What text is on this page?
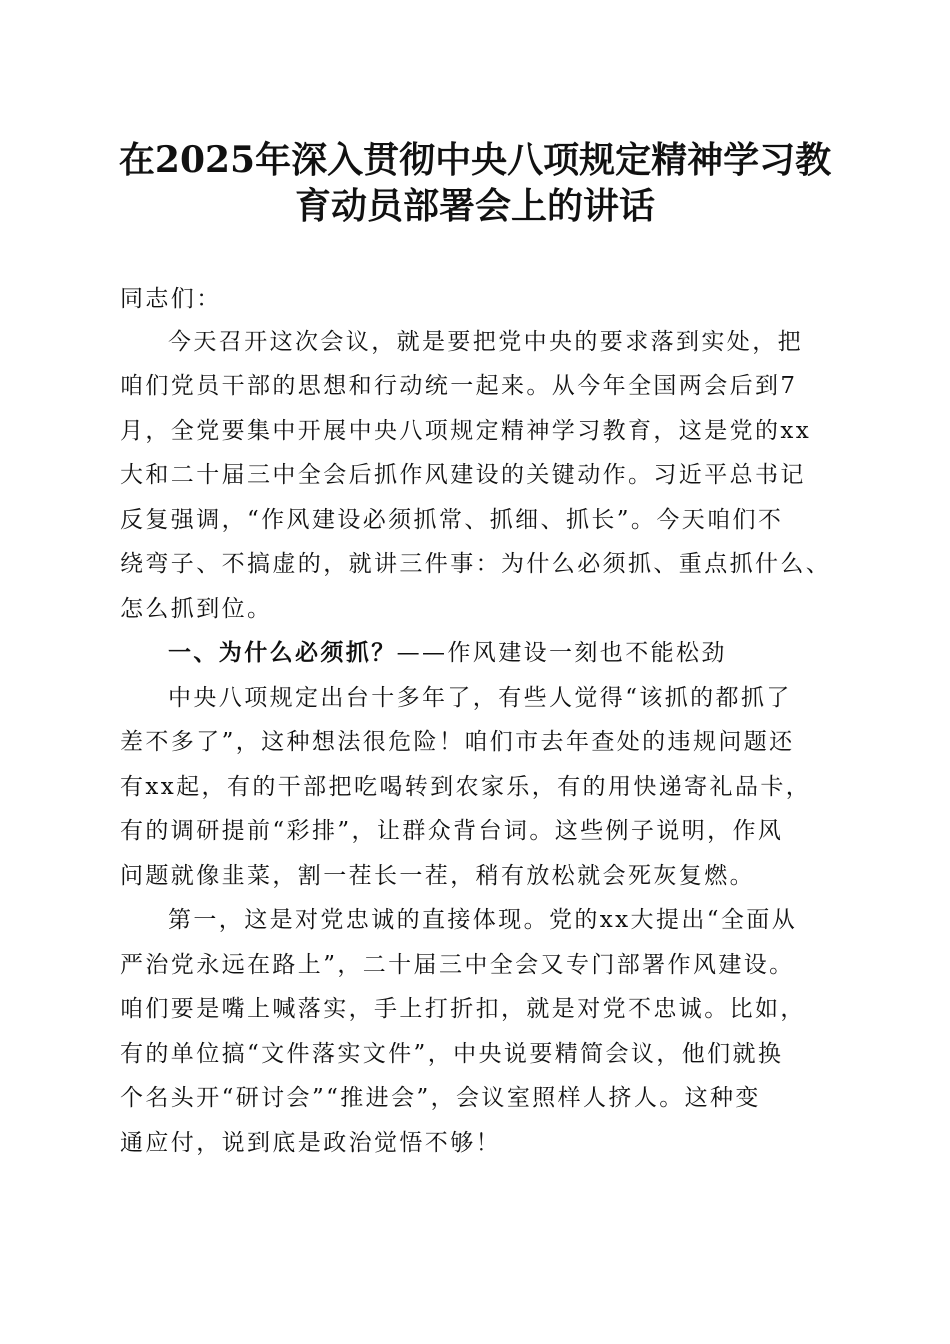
在2025年深入贯彻中央八项规定精神学习教
育动员部署会上的讲话
同志们：
今天召开这次会议，就是要把党中央的要求落到实处，把
咱们党员干部的思想和行动统一起来。从今年全国两会后到7
月，全党要集中开展中央八项规定精神学习教育，这是党的xx
大和二十届三中全会后抓作风建设的关键动作。习近平总书记
反复强调，“作风建设必须抓常、抓细、抓长”。今天咱们不
绕弯子、不搞虚的，就讲三件事：为什么必须抓、重点抓什么、
怎么抓到位。
一、为什么必须抓？——作风建设一刻也不能松劲
中央八项规定出台十多年了，有些人觉得“该抓的都抓了
差不多了”，这种想法很危险！咱们市去年查处的违规问题还
有xx起，有的干部把吃喝转到农家乐，有的用快递寄礼品卡，
有的调研提前“彩排”，让群众背台词。这些例子说明，作风
问题就像韭菜，割一茬长一茬，稍有放松就会死灰复燃。
第一，这是对党忠诚的直接体现。党的xx大提出“全面从
严治党永远在路上”，二十届三中全会又专门部署作风建设。
咱们要是嘴上喊落实，手上打折扣，就是对党不忠诚。比如，
有的单位搞“文件落实文件”，中央说要精简会议，他们就换
个名头开“研讨会”“推进会”，会议室照样人挤人。这种变
通应付，说到底是政治觉悟不够！
